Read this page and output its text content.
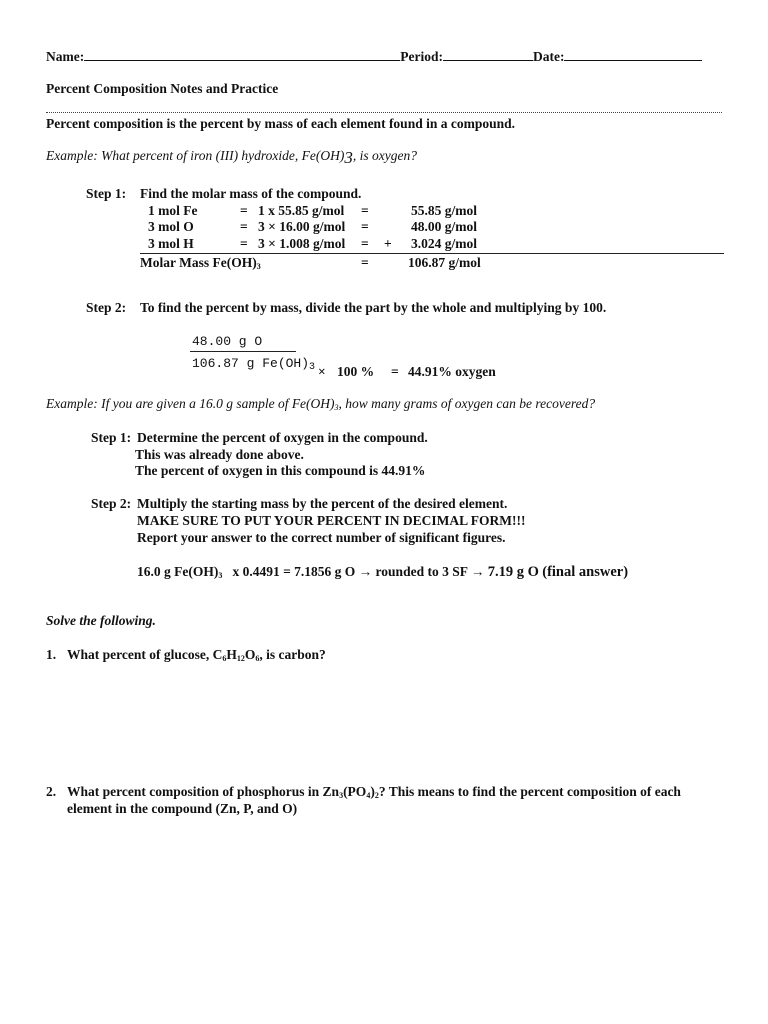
Name:	Period:	Date:
Percent Composition Notes and Practice
Percent composition is the percent by mass of each element found in a compound.
Example: What percent of iron (III) hydroxide, Fe(OH)3, is oxygen?
Step 1: Find the molar mass of the compound.
1 mol Fe	= 1 x 55.85 g/mol =	55.85 g/mol
3 mol O	= 3 × 16.00 g/mol =	48.00 g/mol
3 mol H	= 3 × 1.008 g/mol = + 3.024 g/mol
Molar Mass $Fe(OH)_3$	=	106.87 g/mol
Step 2: To find the percent by mass, divide the part by the whole and multiplying by 100.
48.00 g O
106.87 g $Fe(OH)_3 \times 100$ % = 44.91% oxygen
Example: If you are given a 16.0 g sample of $Fe(OH)_3$, how many grams of oxygen can be recovered?
Step 1: Determine the percent of oxygen in the compound.
This was already done above.
The percent of oxygen in this compound is 44.91%
Step 2: Multiply the starting mass by the percent of the desired element.
MAKE SURE TO PUT YOUR PERCENT IN DECIMAL FORM!!!
Report your answer to the correct number of significant figures.
16.0 g $Fe(OH)_3$ x 0.4491 = 7.1856 g O → rounded to 3 SF → 7.19 g O (final answer)
Solve the following.
1. What percent of glucose, $C_6H_{12}O_6$, is carbon?
2. What percent composition of phosphorus in $Zn_3(PO_4)_2$? This means to find the percent composition of each
element in the compound (Zn, P, and O)
